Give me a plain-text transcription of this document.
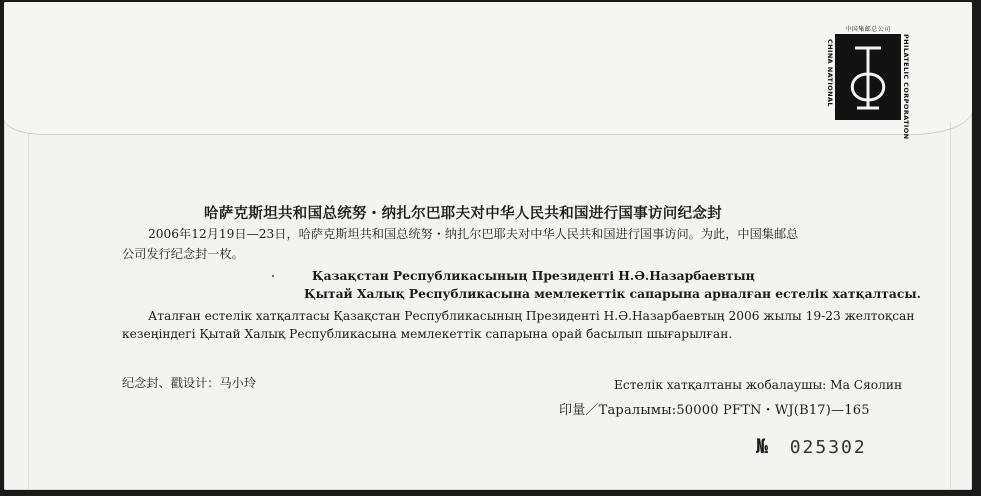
中国集邮总公司
CHINA NATIONAL	PHILATELIC CORPORATION
哈萨克斯坦共和国总统努・纳扎尔巴耶夫对中华人民共和国进行国事访问纪念封
2006年12月19日—23日，哈萨克斯坦共和国总统努・纳扎尔巴耶夫对中华人民共和国进行国事访问。为此，中国集邮总
公司发行纪念封一枚。
Қазақстан Республикасының Президенті Н.Ә.Назарбаевтың
Қытай Халық Республикасына мемлекеттік сапарына арналған естелік хатқалтасы.
Аталған естелік хатқалтасы Қазақстан Республикасының Президенті Н.Ә.Назарбаевтың 2006 жылы 19-23 желтоқсан
кезеңіндегі Қытай Халық Республикасына мемлекеттік сапарына орай басылып шығарылған.
纪念封、戳设计：马小玲	Естелік хатқалтаны жобалаушы: Ма Сяолин
印量／Таралымы:50000 PFTN・WJ(B17)—165
№ 025302
